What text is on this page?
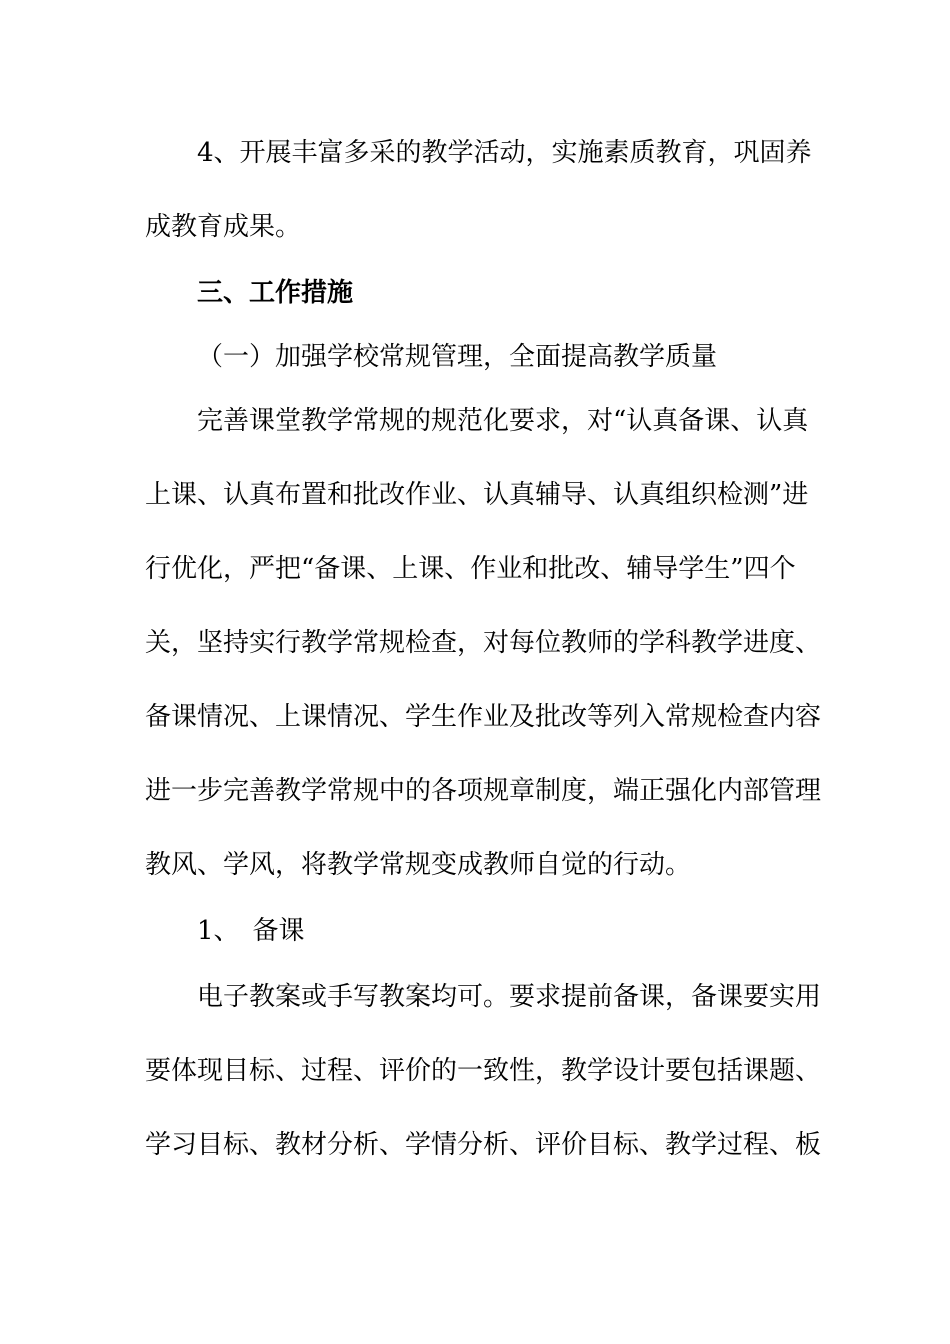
4、开展丰富多采的教学活动，实施素质教育，巩固养
成教育成果。
三、工作措施
（一）加强学校常规管理，全面提高教学质量
完善课堂教学常规的规范化要求，对“认真备课、认真
上课、认真布置和批改作业、认真辅导、认真组织检测”进
行优化，严把“备课、上课、作业和批改、辅导学生”四个
关，坚持实行教学常规检查，对每位教师的学科教学进度、
备课情况、上课情况、学生作业及批改等列入常规检查内容
进一步完善教学常规中的各项规章制度，端正强化内部管理
教风、学风，将教学常规变成教师自觉的行动。
1、　备课
电子教案或手写教案均可。要求提前备课，备课要实用
要体现目标、过程、评价的一致性，教学设计要包括课题、
学习目标、教材分析、学情分析、评价目标、教学过程、板
